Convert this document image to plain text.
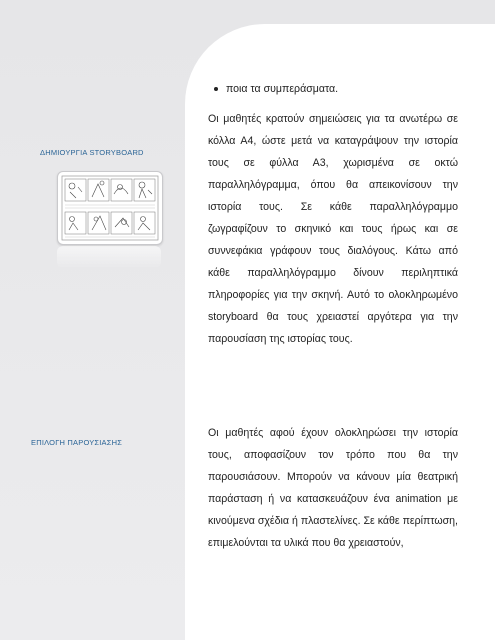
ΔΗΜΙΟΥΡΓΙΑ STORYBOARD
ΕΠΙΛΟΓΗ ΠΑΡΟΥΣΙΑΣΗΣ
ποια τα συμπεράσματα.
Οι μαθητές κρατούν σημειώσεις για τα ανωτέρω σε κόλλα Α4, ώστε μετά να καταγράψουν την ιστορία τους σε φύλλα Α3, χωρισμένα σε οκτώ παραλληλόγραμμα, όπου θα απεικονίσουν την ιστορία τους. Σε κάθε παραλληλόγραμμο ζωγραφίζουν το σκηνικό και τους ήρως και σε συννεφάκια γράφουν τους διαλόγους. Κάτω από κάθε παραλληλόγραμμο δίνουν περιληπτικά πληροφορίες για την σκηνή. Αυτό το ολοκληρωμένο storyboard θα τους χρειαστεί αργότερα για την παρουσίαση της ιστορίας τους.
Οι μαθητές αφού έχουν ολοκληρώσει την ιστορία τους, αποφασίζουν τον τρόπο που θα την παρουσιάσουν. Μπορούν να κάνουν μία θεατρική παράσταση ή να κατασκευάζουν ένα animation με κινούμενα σχέδια ή πλαστελίνες. Σε κάθε περίπτωση, επιμελούνται τα υλικά που θα χρειαστούν,
